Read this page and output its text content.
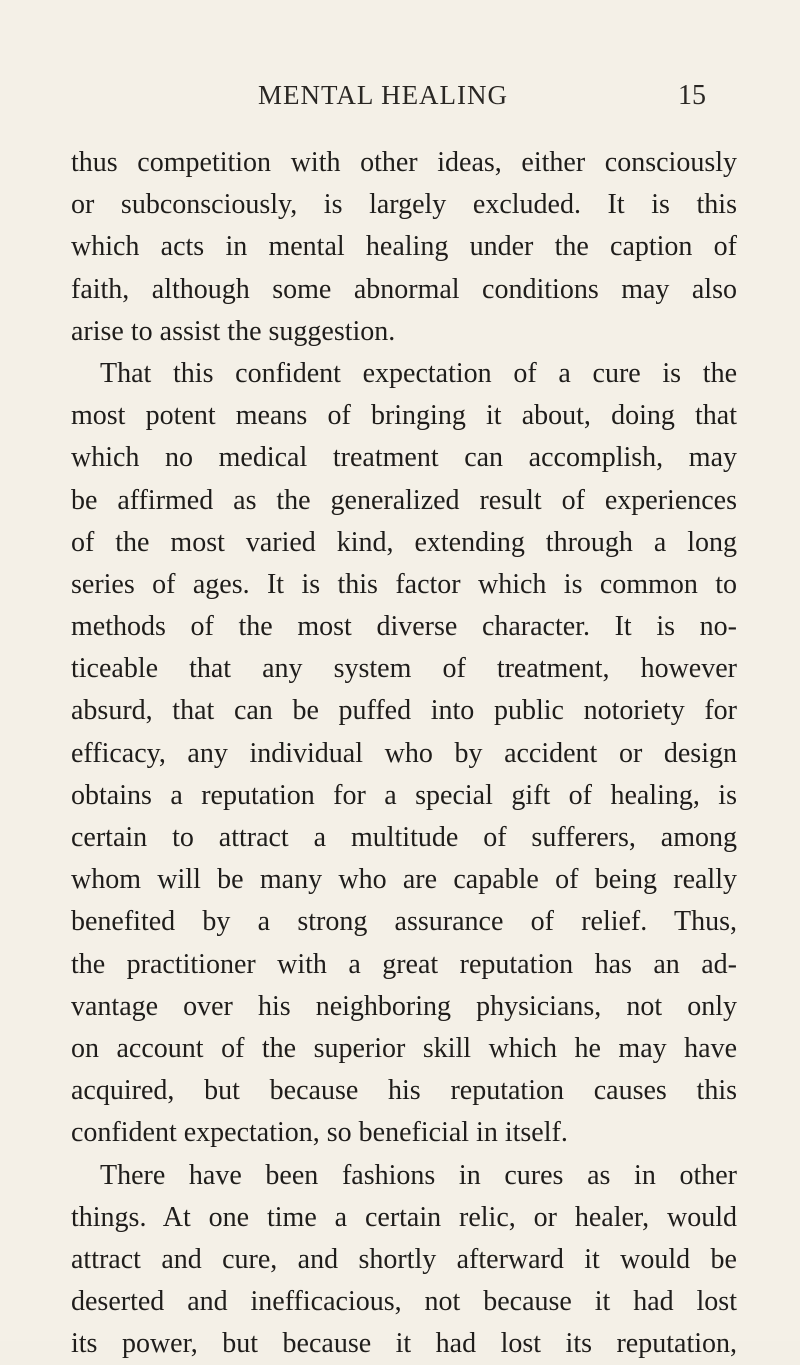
MENTAL HEALING	15
thus competition with other ideas, either consciously
or subconsciously, is largely excluded. It is this
which acts in mental healing under the caption of
faith, although some abnormal conditions may also
arise to assist the suggestion.
That this confident expectation of a cure is the
most potent means of bringing it about, doing that
which no medical treatment can accomplish, may
be affirmed as the generalized result of experiences
of the most varied kind, extending through a long
series of ages. It is this factor which is common to
methods of the most diverse character. It is no-
ticeable that any system of treatment, however
absurd, that can be puffed into public notoriety for
efficacy, any individual who by accident or design
obtains a reputation for a special gift of healing, is
certain to attract a multitude of sufferers, among
whom will be many who are capable of being really
benefited by a strong assurance of relief. Thus,
the practitioner with a great reputation has an ad-
vantage over his neighboring physicians, not only
on account of the superior skill which he may have
acquired, but because his reputation causes this
confident expectation, so beneficial in itself.
There have been fashions in cures as in other
things. At one time a certain relic, or healer, would
attract and cure, and shortly afterward it would be
deserted and inefficacious, not because it had lost
its power, but because it had lost its reputation,
